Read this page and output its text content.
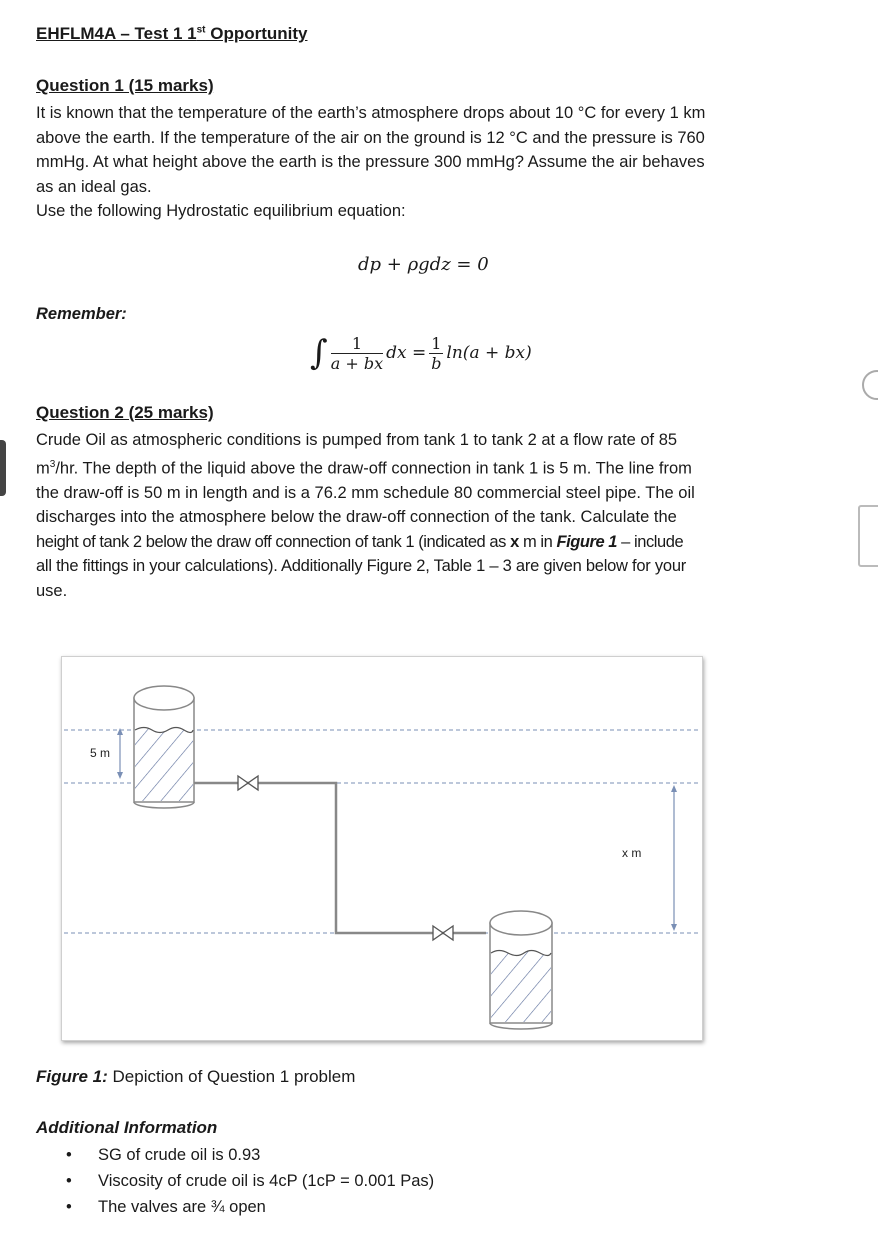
EHFLM4A – Test 1 1st Opportunity
Question 1 (15 marks)
It is known that the temperature of the earth’s atmosphere drops about 10 °C for every 1 km
above the earth. If the temperature of the air on the ground is 12 °C and the pressure is 760
mmHg. At what height above the earth is the pressure 300 mmHg? Assume the air behaves
as an ideal gas.
Use the following Hydrostatic equilibrium equation:
dp + ρgdz = 0
Remember:
∫ $\frac{1}{a + bx}$ dx = $\frac{1}{b} \ln(a + bx)$
Question 2 (25 marks)
Crude Oil as atmospheric conditions is pumped from tank 1 to tank 2 at a flow rate of 85
$m^3/hr$. The depth of the liquid above the draw-off connection in tank 1 is 5 m. The line from
the draw-off is 50 m in length and is a 76.2 mm schedule 80 commercial steel pipe. The oil
discharges into the atmosphere below the draw-off connection of the tank. Calculate the
height of tank 2 below the draw off connection of tank 1 (indicated as x m in Figure 1 – include
all the fittings in your calculations). Additionally Figure 2, Table 1 – 3 are given below for your
use.
5 m
x m
Figure 1: Depiction of Question 1 problem
Additional Information
• SG of crude oil is 0.93
• Viscosity of crude oil is 4cP (1cP = 0.001 Pas)
• The valves are ¾ open
